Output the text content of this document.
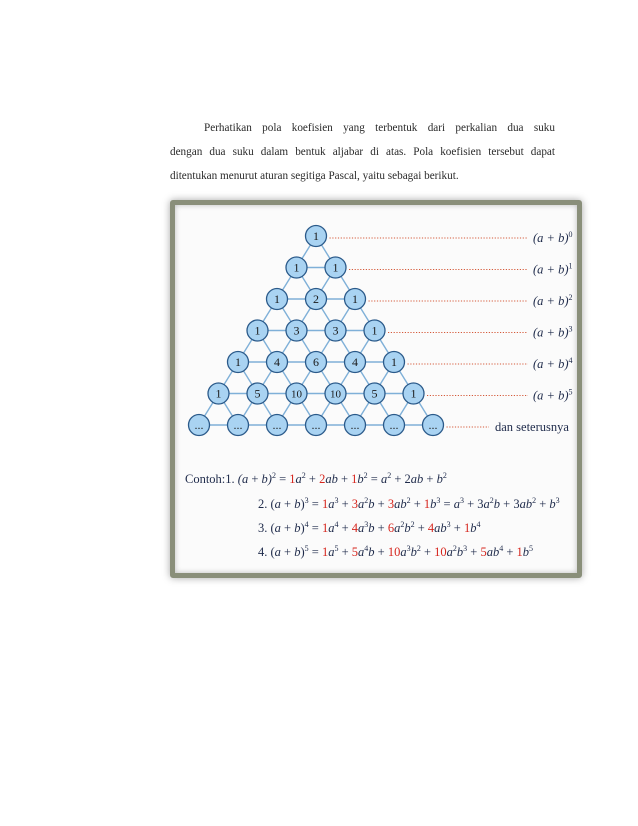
Perhatikan pola koefisien yang terbentuk dari perkalian dua suku
dengan dua suku dalam bentuk aljabar di atas. Pola koefisien tersebut dapat
ditentukan menurut aturan segitiga Pascal, yaitu sebagai berikut.
$(a + b)^0$
$(a + b)^1$
$(a + b)^2$
$(a + b)^3$
$(a + b)^4$
$(a + b)^5$
dan seterusnya
1
1	1
1	2	1
1	3	3	1
1	4	6	4	1
1	5	10	10	5	1
...	...	...	...	...	...	...
Contoh:1. $(a + b)^2 = 1a^2 + 2ab + 1b^2 = a^2 + 2ab + b^2$
2. $(a + b)^3 = 1a^3 + 3a^2b + 3ab^2 + 1b^3 = a^3 + 3a^2b + 3ab^2 + b^3$
3. $(a + b)^4 = 1a^4 + 4a^3b + 6a^2b^2 + 4ab^3 + 1b^4$
4. $(a + b)^5 = 1a^5 + 5a^4b + 10a^3b^2 + 10a^2b^3 + 5ab^4 + 1b^5$
